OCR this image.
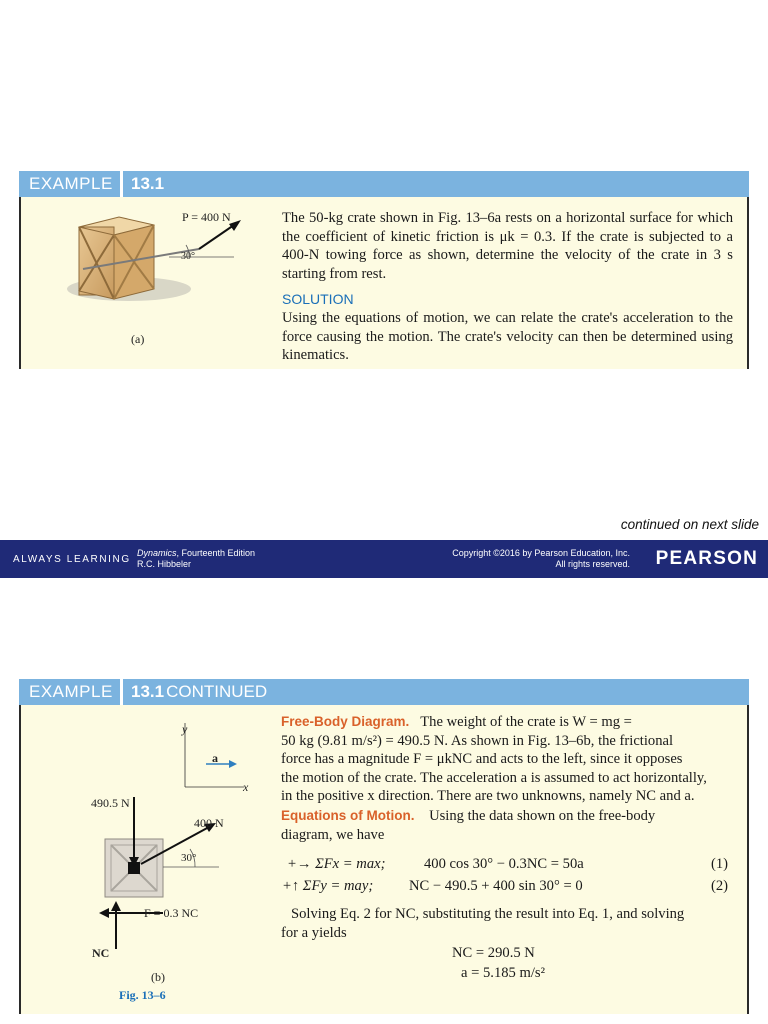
EXAMPLE 13.1
P = 400 N
30°
(a)
The 50-kg crate shown in Fig. 13–6a rests on a horizontal surface for which the coefficient of kinetic friction is μk = 0.3. If the crate is subjected to a 400-N towing force as shown, determine the velocity of the crate in 3 s starting from rest.
SOLUTION
Using the equations of motion, we can relate the crate's acceleration to the force causing the motion. The crate's velocity can then be determined using kinematics.
continued on next slide
ALWAYS LEARNING
Dynamics, Fourteenth Edition
R.C. Hibbeler
Copyright ©2016 by Pearson Education, Inc.
All rights reserved. PEARSON
EXAMPLE 13.1 CONTINUED
y
x
a
490.5 N
400 N
30°
F = 0.3 NC
NC
(b)
Fig. 13–6
Free-Body Diagram. The weight of the crate is W = mg =
50 kg (9.81 m/s²) = 490.5 N. As shown in Fig. 13–6b, the frictional
force has a magnitude F = μkNC and acts to the left, since it opposes
the motion of the crate. The acceleration a is assumed to act horizontally,
in the positive x direction. There are two unknowns, namely NC and a.
Equations of Motion. Using the data shown on the free-body
diagram, we have
+→ ΣFx = max;	400 cos 30° − 0.3NC = 50a	(1)
+↑ ΣFy = may; NC − 490.5 + 400 sin 30° = 0	(2)
Solving Eq. 2 for NC, substituting the result into Eq. 1, and solving
for a yields
NC = 290.5 N
a = 5.185 m/s²
